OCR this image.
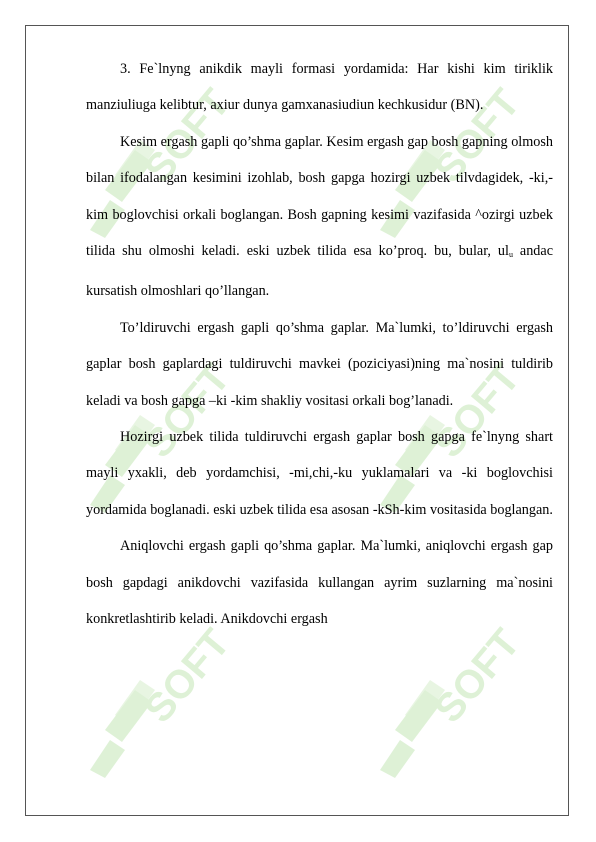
SOFT	SOFT
SOFT	SOFT
SOFT	SOFT

3. Fe`lnyng anikdik mayli formasi yordamida: Har kishi kim tiriklik manziuliuga kelibtur, axiur dunya gamxanasiudiun kechkusidur (BN).

Kesim ergash gapli qo’shma gaplar. Kesim ergash gap bosh gapning olmosh bilan ifodalangan kesimini izohlab, bosh gapga hozirgi uzbek tilvdagidek, -ki,-kim boglovchisi orkali boglangan. Bosh gapning kesimi vazifasida ^ozirgi uzbek tilida shu olmoshi keladi. eski uzbek tilida esa ko’proq. bu, bular, $ul_u$ andac kursatish olmoshlari qo’llangan.

To’ldiruvchi ergash gapli qo’shma gaplar. Ma`lumki, to’ldiruvchi ergash gaplar bosh gaplardagi tuldiruvchi mavkei (poziciyasi)ning ma`nosini tuldirib keladi va bosh gapga –ki -kim shakliy vositasi orkali bog’lanadi.

Hozirgi uzbek tilida tuldiruvchi ergash gaplar bosh gapga fe`lnyng shart mayli yxakli, deb yordamchisi, -mi,chi,-ku yuklamalari va -ki boglovchisi yordamida boglanadi. eski uzbek tilida esa asosan -kSh-kim vositasida boglangan.

Aniqlovchi ergash gapli qo’shma gaplar. Ma`lumki, aniqlovchi ergash gap bosh gapdagi anikdovchi vazifasida kullangan ayrim suzlarning ma`nosini konkretlashtirib keladi. Anikdovchi ergash
